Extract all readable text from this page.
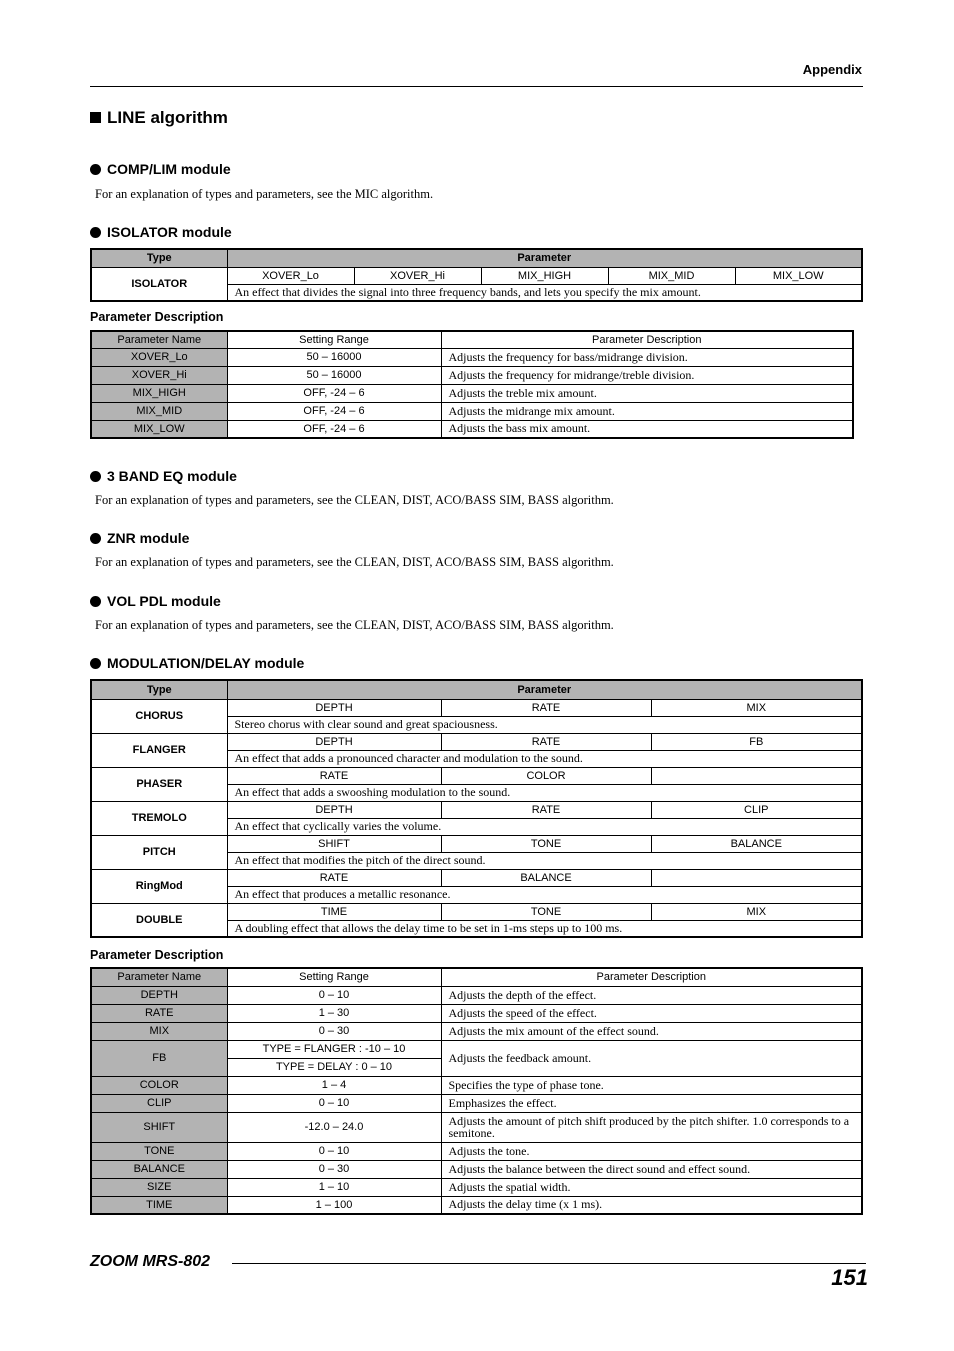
Appendix
LINE algorithm
COMP/LIM module
For an explanation of types and parameters, see the MIC algorithm.
ISOLATOR module
Type	Parameter				
ISOLATOR	XOVER_Lo	XOVER_Hi	MIX_HIGH	MIX_MID	MIX_LOW
	An effect that divides the signal into three frequency bands, and lets you specify the mix amount.				
Parameter Description
Parameter Name	Setting Range	Parameter Description
XOVER_Lo	50 – 16000	Adjusts the frequency for bass/midrange division.
XOVER_Hi	50 – 16000	Adjusts the frequency for midrange/treble division.
MIX_HIGH	OFF, -24 – 6	Adjusts the treble mix amount.
MIX_MID	OFF, -24 – 6	Adjusts the midrange mix amount.
MIX_LOW	OFF, -24 – 6	Adjusts the bass mix amount.
3 BAND EQ module
For an explanation of types and parameters, see the CLEAN, DIST, ACO/BASS SIM, BASS algorithm.
ZNR module
For an explanation of types and parameters, see the CLEAN, DIST, ACO/BASS SIM, BASS algorithm.
VOL PDL module
For an explanation of types and parameters, see the CLEAN, DIST, ACO/BASS SIM, BASS algorithm.
MODULATION/DELAY module
Type	Parameter		
CHORUS	DEPTH	RATE	MIX
	Stereo chorus with clear sound and great spaciousness.		
FLANGER	DEPTH	RATE	FB
	An effect that adds a pronounced character and modulation to the sound.		
PHASER	RATE	COLOR	
	An effect that adds a swooshing modulation to the sound.		
TREMOLO	DEPTH	RATE	CLIP
	An effect that cyclically varies the volume.		
PITCH	SHIFT	TONE	BALANCE
	An effect that modifies the pitch of the direct sound.		
RingMod	RATE	BALANCE	
	An effect that produces a metallic resonance.		
DOUBLE	TIME	TONE	MIX
	A doubling effect that allows the delay time to be set in 1-ms steps up to 100 ms.		
Parameter Description
Parameter Name	Setting Range	Parameter Description
DEPTH	0 – 10	Adjusts the depth of the effect.
RATE	1 – 30	Adjusts the speed of the effect.
MIX	0 – 30	Adjusts the mix amount of the effect sound.
FB	TYPE = FLANGER : -10 – 10	Adjusts the feedback amount.
	TYPE = DELAY : 0 – 10	
COLOR	1 – 4	Specifies the type of phase tone.
CLIP	0 – 10	Emphasizes the effect.
SHIFT	-12.0 – 24.0	Adjusts the amount of pitch shift produced by the pitch shifter. 1.0 corresponds to a semitone.
TONE	0 – 10	Adjusts the tone.
BALANCE	0 – 30	Adjusts the balance between the direct sound and effect sound.
SIZE	1 – 10	Adjusts the spatial width.
TIME	1 – 100	Adjusts the delay time (x 1 ms).
ZOOM MRS-802
151
